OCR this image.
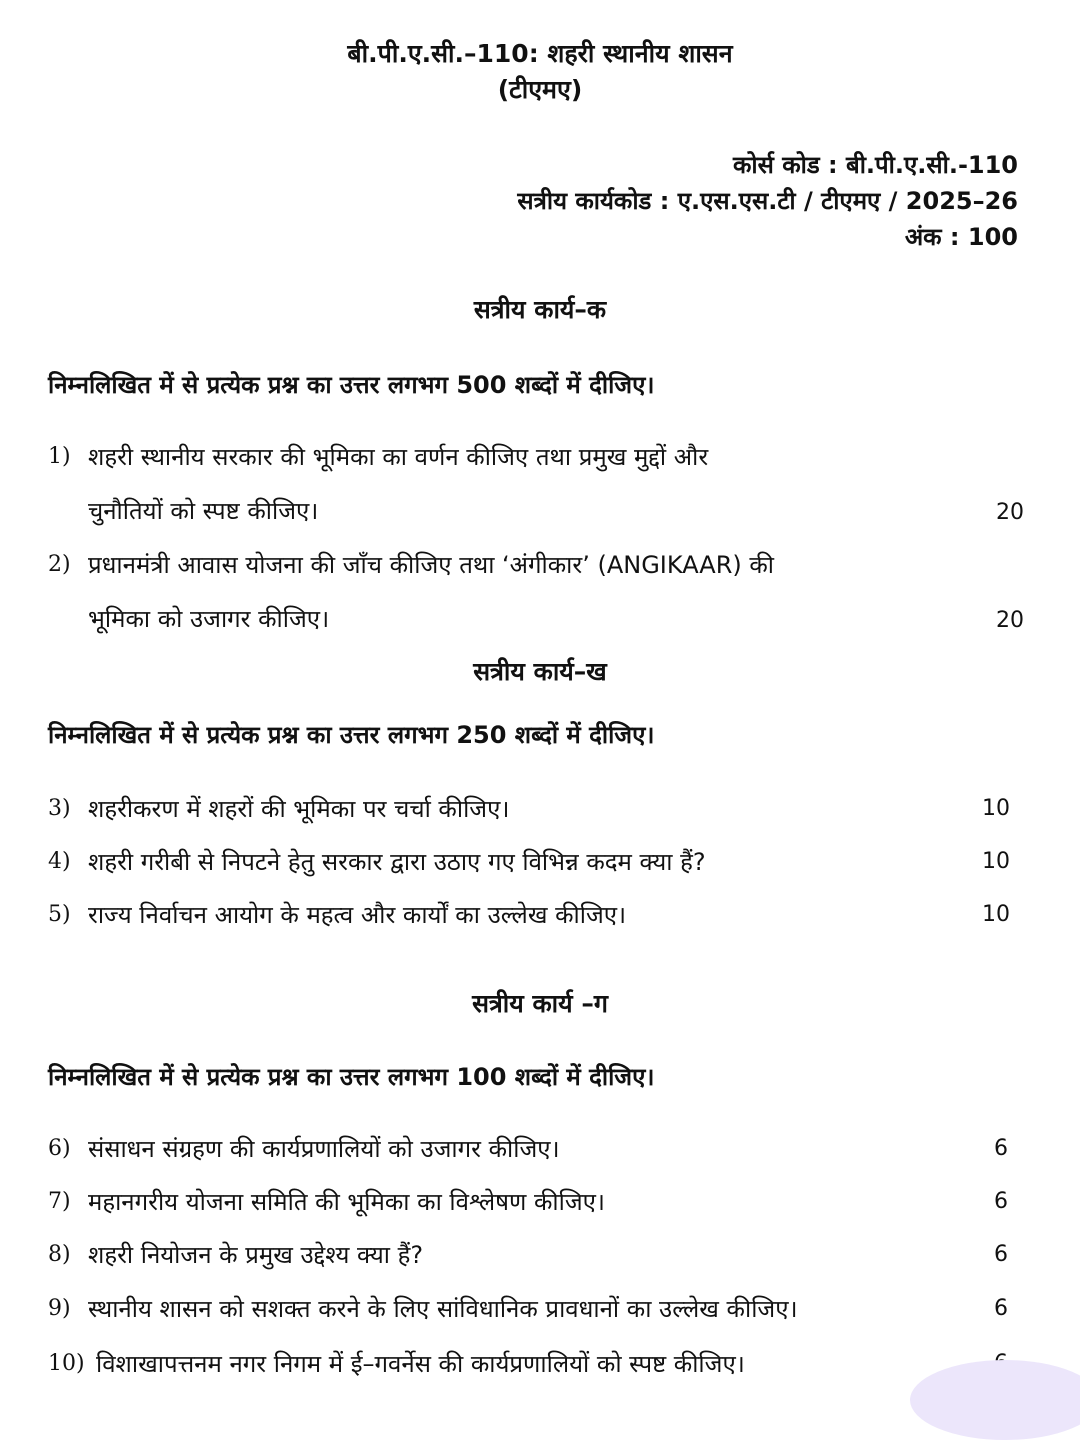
बी.पी.ए.सी.–110: शहरी स्थानीय शासन
(टीएमए)
कोर्स कोड : बी.पी.ए.सी.-110
सत्रीय कार्यकोड : ए.एस.एस.टी / टीएमए / 2025–26
अंक : 100
सत्रीय कार्य–क
निम्नलिखित में से प्रत्येक प्रश्न का उत्तर लगभग 500 शब्दों में दीजिए।
1) शहरी स्थानीय सरकार की भूमिका का वर्णन कीजिए तथा प्रमुख मुद्दों और
चुनौतियों को स्पष्ट कीजिए।	20
2) प्रधानमंत्री आवास योजना की जाँच कीजिए तथा ‘अंगीकार’ (ANGIKAAR) की
भूमिका को उजागर कीजिए।	20
सत्रीय कार्य–ख
निम्नलिखित में से प्रत्येक प्रश्न का उत्तर लगभग 250 शब्दों में दीजिए।
3) शहरीकरण में शहरों की भूमिका पर चर्चा कीजिए।	10
4) शहरी गरीबी से निपटने हेतु सरकार द्वारा उठाए गए विभिन्न कदम क्या हैं?	10
5) राज्य निर्वाचन आयोग के महत्व और कार्यों का उल्लेख कीजिए।	10
सत्रीय कार्य –ग
निम्नलिखित में से प्रत्येक प्रश्न का उत्तर लगभग 100 शब्दों में दीजिए।
6) संसाधन संग्रहण की कार्यप्रणालियों को उजागर कीजिए।	6
7) महानगरीय योजना समिति की भूमिका का विश्लेषण कीजिए।	6
8) शहरी नियोजन के प्रमुख उद्देश्य क्या हैं?	6
9) स्थानीय शासन को सशक्त करने के लिए सांविधानिक प्रावधानों का उल्लेख कीजिए।	6
10) विशाखापत्तनम नगर निगम में ई–गवर्नेस की कार्यप्रणालियों को स्पष्ट कीजिए।
